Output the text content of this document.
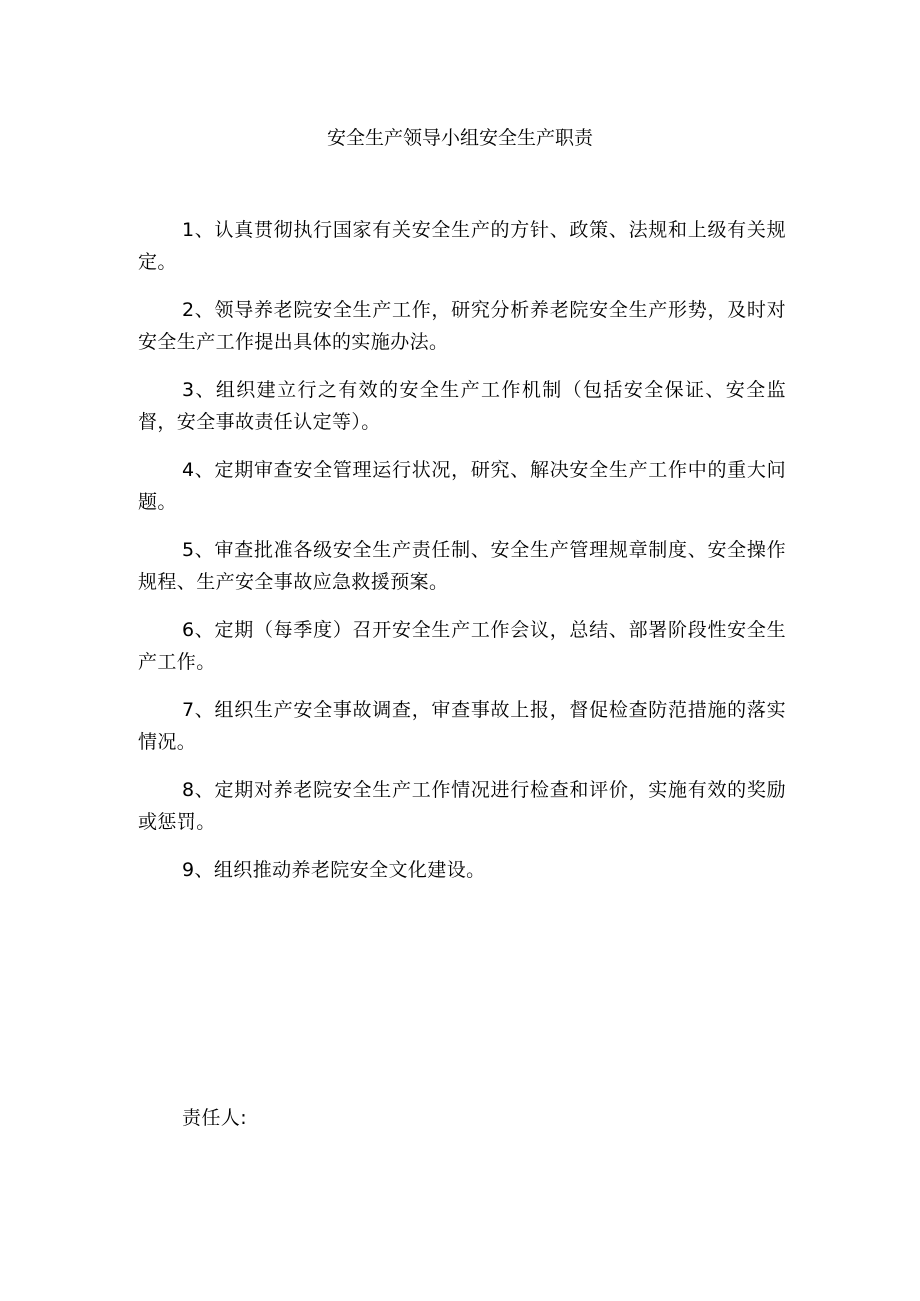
安全生产领导小组安全生产职责

1、认真贯彻执行国家有关安全生产的方针、政策、法规和上级有关规定。

2、领导养老院安全生产工作，研究分析养老院安全生产形势，及时对安全生产工作提出具体的实施办法。

3、组织建立行之有效的安全生产工作机制（包括安全保证、安全监督，安全事故责任认定等）。

4、定期审查安全管理运行状况，研究、解决安全生产工作中的重大问题。

5、审查批准各级安全生产责任制、安全生产管理规章制度、安全操作规程、生产安全事故应急救援预案。

6、定期（每季度）召开安全生产工作会议，总结、部署阶段性安全生产工作。

7、组织生产安全事故调查，审查事故上报，督促检查防范措施的落实情况。

8、定期对养老院安全生产工作情况进行检查和评价，实施有效的奖励或惩罚。

9、组织推动养老院安全文化建设。

责任人:
